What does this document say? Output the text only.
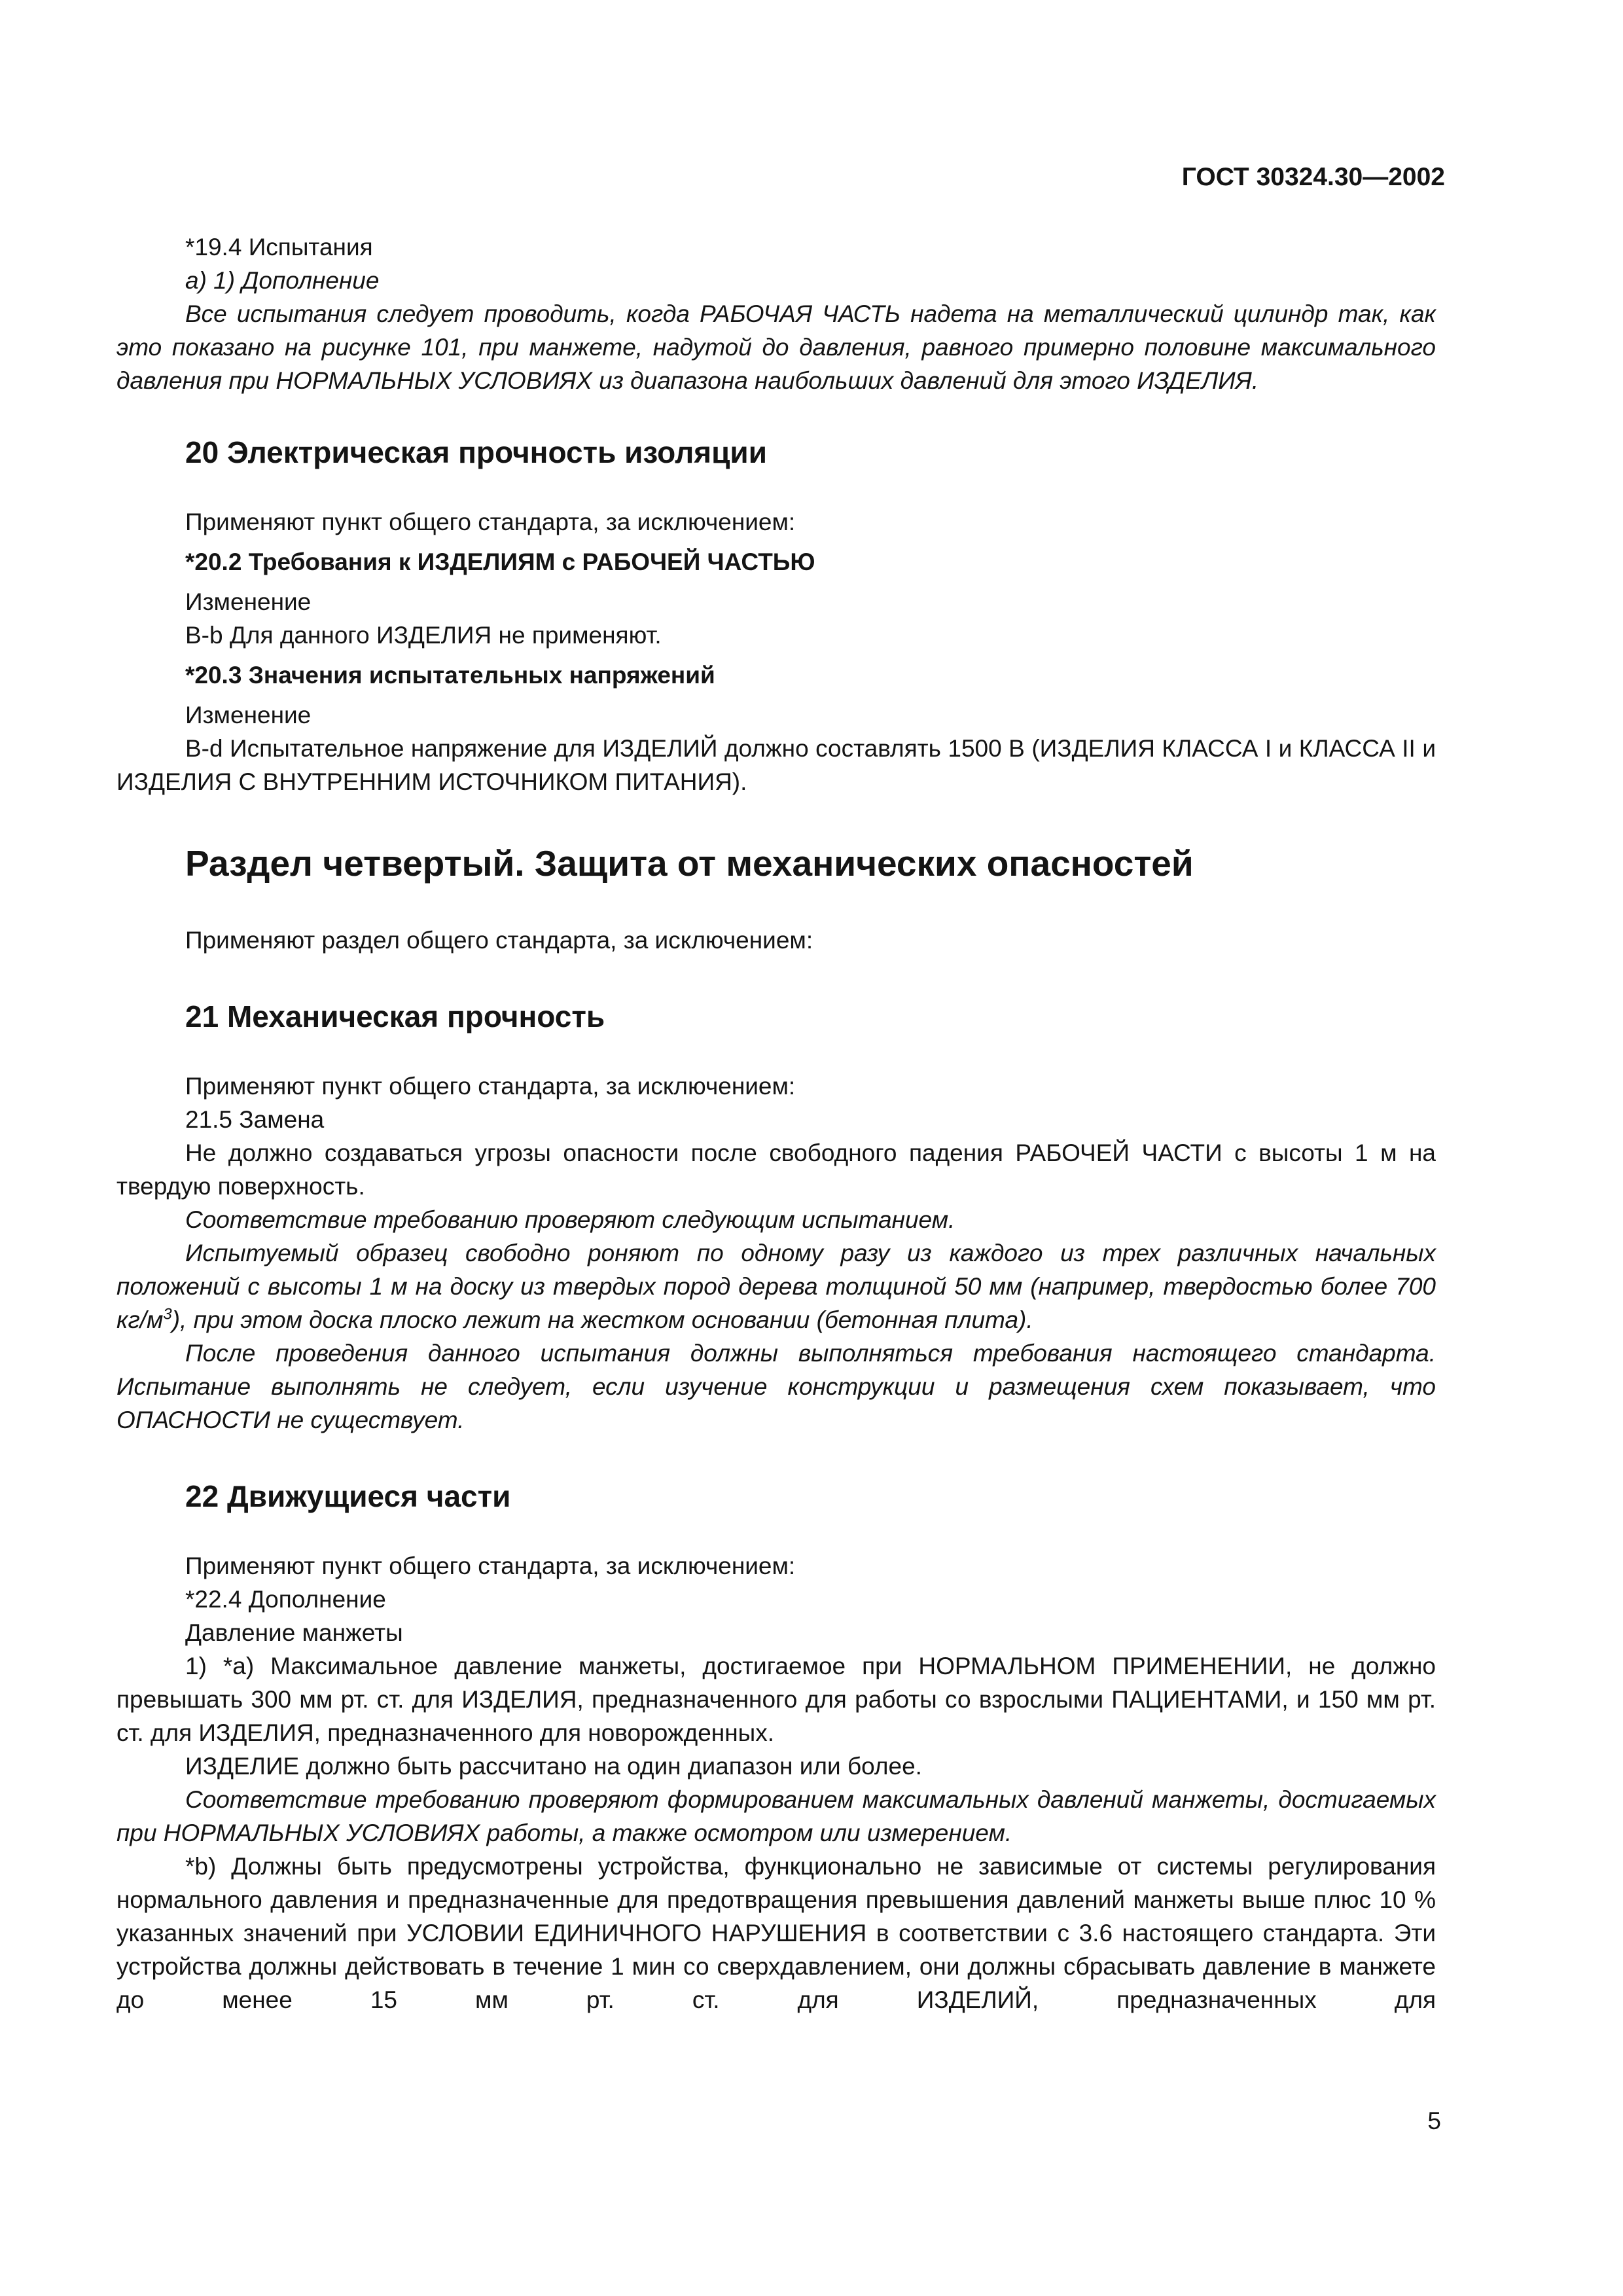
ГОСТ 30324.30—2002

*19.4 Испытания

а) 1) Дополнение

Все испытания следует проводить, когда РАБОЧАЯ ЧАСТЬ надета на металлический цилиндр так, как это показано на рисунке 101, при манжете, надутой до давления, равного примерно половине максимального давления при НОРМАЛЬНЫХ УСЛОВИЯХ из диапазона наибольших давлений для этого ИЗДЕЛИЯ.

20 Электрическая прочность изоляции

Применяют пункт общего стандарта, за исключением:

*20.2 Требования к ИЗДЕЛИЯМ с РАБОЧЕЙ ЧАСТЬЮ

Изменение

B-b Для данного ИЗДЕЛИЯ не применяют.

*20.3 Значения испытательных напряжений

Изменение

B-d Испытательное напряжение для ИЗДЕЛИЙ должно составлять 1500 В (ИЗДЕЛИЯ КЛАССА I и КЛАССА II и ИЗДЕЛИЯ С ВНУТРЕННИМ ИСТОЧНИКОМ ПИТАНИЯ).

Раздел четвертый. Защита от механических опасностей

Применяют раздел общего стандарта, за исключением:

21 Механическая прочность

Применяют пункт общего стандарта, за исключением:

21.5 Замена

Не должно создаваться угрозы опасности после свободного падения РАБОЧЕЙ ЧАСТИ с высоты 1 м на твердую поверхность.

Соответствие требованию проверяют следующим испытанием.

Испытуемый образец свободно роняют по одному разу из каждого из трех различных начальных положений с высоты 1 м на доску из твердых пород дерева толщиной 50 мм (например, твердостью более 700 $кг/м^3$), при этом доска плоско лежит на жестком основании (бетонная плита).

После проведения данного испытания должны выполняться требования настоящего стандарта. Испытание выполнять не следует, если изучение конструкции и размещения схем показывает, что ОПАСНОСТИ не существует.

22 Движущиеся части

Применяют пункт общего стандарта, за исключением:

*22.4 Дополнение

Давление манжеты

1) *а) Максимальное давление манжеты, достигаемое при НОРМАЛЬНОМ ПРИМЕНЕНИИ, не должно превышать 300 мм рт. ст. для ИЗДЕЛИЯ, предназначенного для работы со взрослыми ПАЦИЕНТАМИ, и 150 мм рт. ст. для ИЗДЕЛИЯ, предназначенного для новорожденных.

ИЗДЕЛИЕ должно быть рассчитано на один диапазон или более.

Соответствие требованию проверяют формированием максимальных давлений манжеты, достигаемых при НОРМАЛЬНЫХ УСЛОВИЯХ работы, а также осмотром или измерением.

*b) Должны быть предусмотрены устройства, функционально не зависимые от системы регулирования нормального давления и предназначенные для предотвращения превышения давлений манжеты выше плюс 10 % указанных значений при УСЛОВИИ ЕДИНИЧНОГО НАРУШЕНИЯ в соответствии с 3.6 настоящего стандарта. Эти устройства должны действовать в течение 1 мин со сверхдавлением, они должны сбрасывать давление в манжете до менее 15 мм рт. ст. для ИЗДЕЛИЙ, предназначенных для

5
